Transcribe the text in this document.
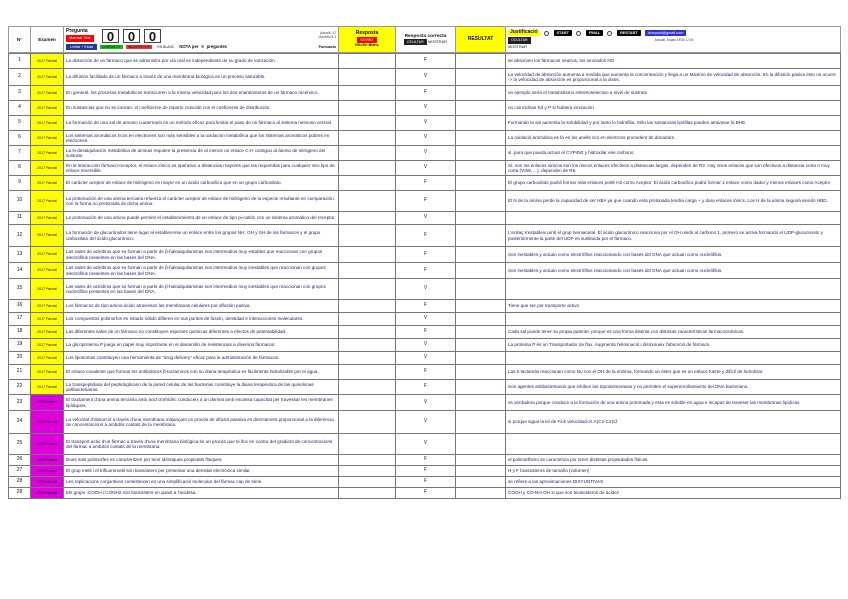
N°	Examen	
Pregunta
Manual Test	0	0	0	Actualit. V2
Max/Min 8-3
Unitat + Estat	CORRECTE	INCORRECTE	EN BLANC	NOTA per 0 preguntes	Puntuació

Resposta
SOVINT
NS=En Blanc

Resposta correcta
OCULTAR MOSTRAR
	RESULTAT	
Justificació	START	FINAL	RESTART	dcruyout@gmail.com
OCULTAR	Actualit. Estats 19/06 12:00
MOSTRAR
1	2017 Parcial	La absorción de un fármaco que se administra por vía oral es independiente de su grado de ionización.		F		se absorven los fármacos neutros, los ionizados NO
2	2017 Parcial	La difusión facilitada de un fármaco a través de una membrana biológica es un proceso saturable.		V		La velocidad de absorción aumenta a medida que aumenta la concentración y llega a un Máximo de velocidad de absorción. En la difusión pasiva esto no ocurre -> la velocidad de absorción es proporcional a la dosis.
3	2017 Parcial	En general, los procesos metabólicos transcurren a la misma velocidad para los dos enantiómeros de un fármaco racémico.		F		un ejemplo sería el metabolismo estereoselectivo a nivel de sustrato
4	2017 Parcial	En sustancias que no se ionizan, el coeficiente de reparto coincide con el coeficiente de distribución.		V		no coincidiran Kd y P si hubiera ionización
5	2017 Parcial	La formación de una sal de amonio cuaternario es un método eficaz para limitar el paso de un fármaco al sistema nervioso central.		V		Formando la sal aumenta la solubilidad y por tanto lo hidrofilia. Sólo las sustancias lipófilas pueden atravesar la BHE.
6	2017 Parcial	Los sistemas aromáticos ricos en electrones son más sensibles a la oxidación metabólica que los sistemas aromáticos pobres en electrones.		V		La oxidació aromàtica es fa en los anells rics en electrons procedent de donadors.
7	2017 Parcial	La N-desalquilación metabólica de aminas requiere la presencia de al menos un enlace C-H contiguo al átomo de nitrógeno del sustrato.		V		si, para que pueda actuar el CYP450 y hidroxilar ese carbono
8	2017 Parcial	En la interacción fármaco-receptor, el enlace iónico es operativo a distancias mayores que las requeridas para cualquier otro tipo de enlace reversible.		V		Sí, son los enlaces iónicos son los únicos enlaces efectivos a distancias largas, dependen de R2. Hay otros enlaces que son efectivos a distancia corta o muy corta (VdW, ...), dependen de R6.
9	2017 Parcial	El carácter aceptor de enlace de hidrógeno es mayor en un ácido carboxílico que en un grupo carboxilato.		F		El grupo carboxilato podrá formar más enlaces porté H2 como Aceptor. El ácido carboxílico podrá formar 1 enlace como dador y menos enlaces como Aceptor
10	2017 Parcial	La protonación de una amina terciaria refuerza el carácter aceptor de enlace de hidrógeno de la especie resultante en comparación con la forma no protonada de dicha amina.		F		El N de la amina perde la capacidad de ser HBA ya que cuando esta protonada tendra carga + y dara enlaces iònics. Los H de la amina seguirà siendo HBD.
11	2017 Parcial	La protonación de una amina puede permitir el establecimiento de un enlace de tipo pi-catión con un sistema aromático del receptor.		V		
12	2017 Parcial	La formación de glucurónidos tiene lugar al establecerse un enlace entre los grupos NH, OH y SH de los fármacos y el grupo carboxilato del ácido glucurónico.		F		L'enllaç s'estableix amb el grup hemiacetal. El ácido glucurónico reacciona por el OH unido al carbono 1, primero se activa formando el UDP-glucuronato y posteriormente la parte del UDP es sustituida por el fàrmaco.
13	2017 Parcial	Las sales de aziridinio que se forman a partir de β-haloalquilaminas son intermedios muy estables que reaccionan con grupos electrófilos presentes en las bases del DNA.		F		Son inestables y actuan como electròfilos reaccionando con bases del DNA que actuan como nucleòfilos.
14	2017 Parcial	Las sales de aziridinio que se forman a partir de β-haloalquilaminas son intermedios muy inestables que reaccionan con grupos electrófilos presentes en las bases del DNA.		F		Son inestables y actuan como electròfilos reaccionando con bases del DNA que actuan como nucleòfilos.
15	2017 Parcial	Las sales de aziridinio que se forman a partir de β-haloalquilaminas son intermedios muy inestables que reaccionan con grupos nucleófilos presentes en las bases del DNA.		V		
16	2017 Parcial	Los fármacos de tipo amino-ácido atraviesan las membranas celulares por difusión pasiva.		F		Tiene que ser por transporte activo
17	2017 Parcial	Los compuestos polimorfos en estado sólido difieren en sus puntos de fusión, densidad e interacciones moleculares.		V		
18	2017 Parcial	Las diferentes sales de un fármaco no constituyen especies químicas diferentes a efectos de patentabilidad.		F		Cada sal puede tener su propia patente, porque es una forma distinta con distintas características farmacocinéticas.
19	2017 Parcial	La glicoproteína P juega un papel muy importante en el desarrollo de resistencias a diversos fármacos.		V		La proteina P és un Transportador de flux. Augmenta l'eliminació i disminueix l'absorció de fàrmacs.
20	2017 Parcial	Los liposomas constituyen una herramienta de "drug delivery" eficaz para la administración de fármacos.		V		
21	2017 Parcial	El enlace covalente que forman los antibióticos β-lactámicos con su diana terapéutica es fácilmente hidrolizable por el agua.		F		Las b-lactamàs reaccionan como Nu con el OH de la enzima, formando un èster que es un enlace fuerte y difícil de hidrolizar.
22	2017 Parcial	La transpeptidasa del peptidoglicano de la pared celular de las bacterias constituye la diana terapéutica de las quinolonas antibacterianas.		F		Son agentes antibacterianos que inhiben las topoisomerasas y no permiten el superenrollamiento del DNA bacteriano.
23	2016 Parcial	El tractament d'una amina terciària amb àcid clorhídric conduceix a un derivat amb escassa capacitat per travessar les membranes lipídiques.		V		es verdadera porque conduce a la formación de una amina protonada y esta es soluble en agua e incapaz de traveser las membranas lipídicas
24	2016 Parcial	La velocitat d'absorció a través d'una membrana mitjançant un procés de difusió passiva és directament proporcional a la diferència de concentracions a ambdós costats de la membrana.		V		si porque sigue la lei de Fick velocidad=K.A(C1-C2)/d
25	2016 Parcial	El transport actiu d'un fàrmac a través d'una membrana biològica és un procés que té lloc en contra del gradient de concentracions del fàrmac a ambdós costats de la membrana.		V		
26	2016 Parcial	Dues sals polimorfes es caracteritzen per tenir idèntiques propietats físiques.		F		el polimorfismo se caracteriza por tener distintas propiedades físicas.
27	2016 Parcial	El grup metil i el trifluorometil són bioisòsters per presentar una densitat electrònica similar.		F		H y F bioisosteros de tamaño (volumen)
28	2016 Parcial	Les replicacions conjuntives consisteixen en una simplificació molecular del fàrmac cap de sèrie.		F		se refiere a las aproximaciones DISYUNTIVAS
29	2016 Parcial	Els grups -COOH i CONH2 són bioisòsters en quant a l'acidesa.		F		COOH y CO-NH-OH si que son bioisosteros de acidez
